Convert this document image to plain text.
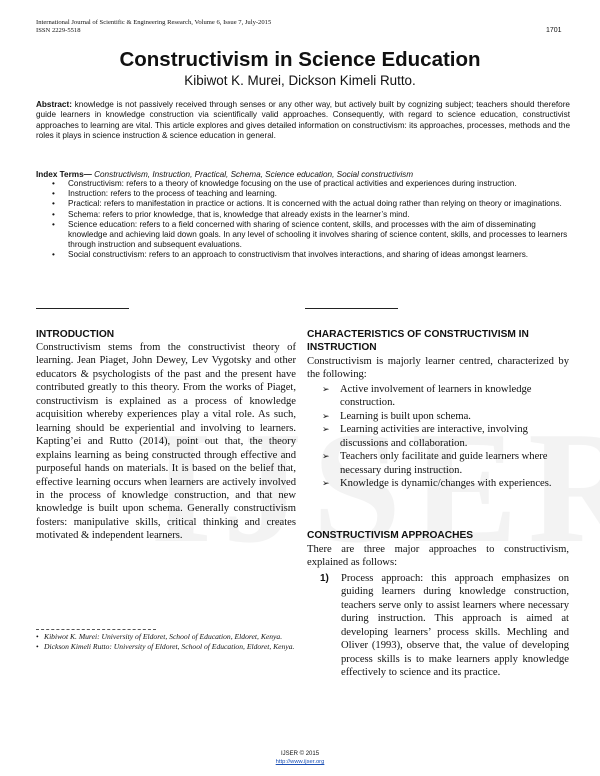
International Journal of Scientific & Engineering Research, Volume 6, Issue 7, July-2015
ISSN 2229-5518	1701
Constructivism in Science Education
Kibiwot K. Murei, Dickson Kimeli Rutto.
Abstract: knowledge is not passively received through senses or any other way, but actively built by cognizing subject; teachers should therefore guide learners in knowledge construction via scientifically valid approaches. Consequently, with regard to science education, constructivist approaches to learning are vital. This article explores and gives detailed information on constructivism: its approaches, processes, methods and the roles it plays in science instruction & science education in general.
Index Terms— Constructivism, Instruction, Practical, Schema, Science education, Social constructivism
• Constructivism: refers to a theory of knowledge focusing on the use of practical activities and experiences during instruction.
• Instruction: refers to the process of teaching and learning.
• Practical: refers to manifestation in practice or actions. It is concerned with the actual doing rather than relying on theory or imaginations.
• Schema: refers to prior knowledge, that is, knowledge that already exists in the learner’s mind.
• Science education: refers to a field concerned with sharing of science content, skills, and processes with the aim of disseminating knowledge and achieving laid down goals. In any level of schooling it involves sharing of science content, skills, and processes to learners through instruction and subsequent evaluations.
• Social constructivism: refers to an approach to constructivism that involves interactions, and sharing of ideas amongst learners.
INTRODUCTION
Constructivism stems from the constructivist theory of learning. Jean Piaget, John Dewey, Lev Vygotsky and other educators & psychologists of the past and the present have contributed greatly to this theory. From the works of Piaget, constructivism is explained as a process of knowledge acquisition whereby experiences play a vital role. As such, learning should be experiential and involving to learners. Kapting’ei and Rutto (2014), point out that, the theory explains learning as being constructed through effective and purposeful hands on materials. It is based on the belief that, effective learning occurs when learners are actively involved in the process of knowledge construction, and that new knowledge is built upon schema. Generally constructivism fosters: manipulative skills, critical thinking and creates motivated & independent learners.
• Kibiwot K. Murei: University of Eldoret, School of Education, Eldoret, Kenya.
• Dickson Kimeli Rutto: University of Eldoret, School of Education, Eldoret, Kenya.
CHARACTERISTICS OF CONSTRUCTIVISM IN INSTRUCTION
Constructivism is majorly learner centred, characterized by the following:
➢ Active involvement of learners in knowledge construction.
➢ Learning is built upon schema.
➢ Learning activities are interactive, involving discussions and collaboration.
➢ Teachers only facilitate and guide learners where necessary during instruction.
➢ Knowledge is dynamic/changes with experiences.
CONSTRUCTIVISM APPROACHES
There are three major approaches to constructivism, explained as follows:
1) Process approach: this approach emphasizes on guiding learners during knowledge construction, teachers serve only to assist learners where necessary during instruction. This approach is aimed at developing learners’ process skills. Mechling and Oliver (1993), observe that, the value of developing process skills is to make learners apply knowledge effectively to science and its practice.
IJSER © 2015
http://www.ijser.org
